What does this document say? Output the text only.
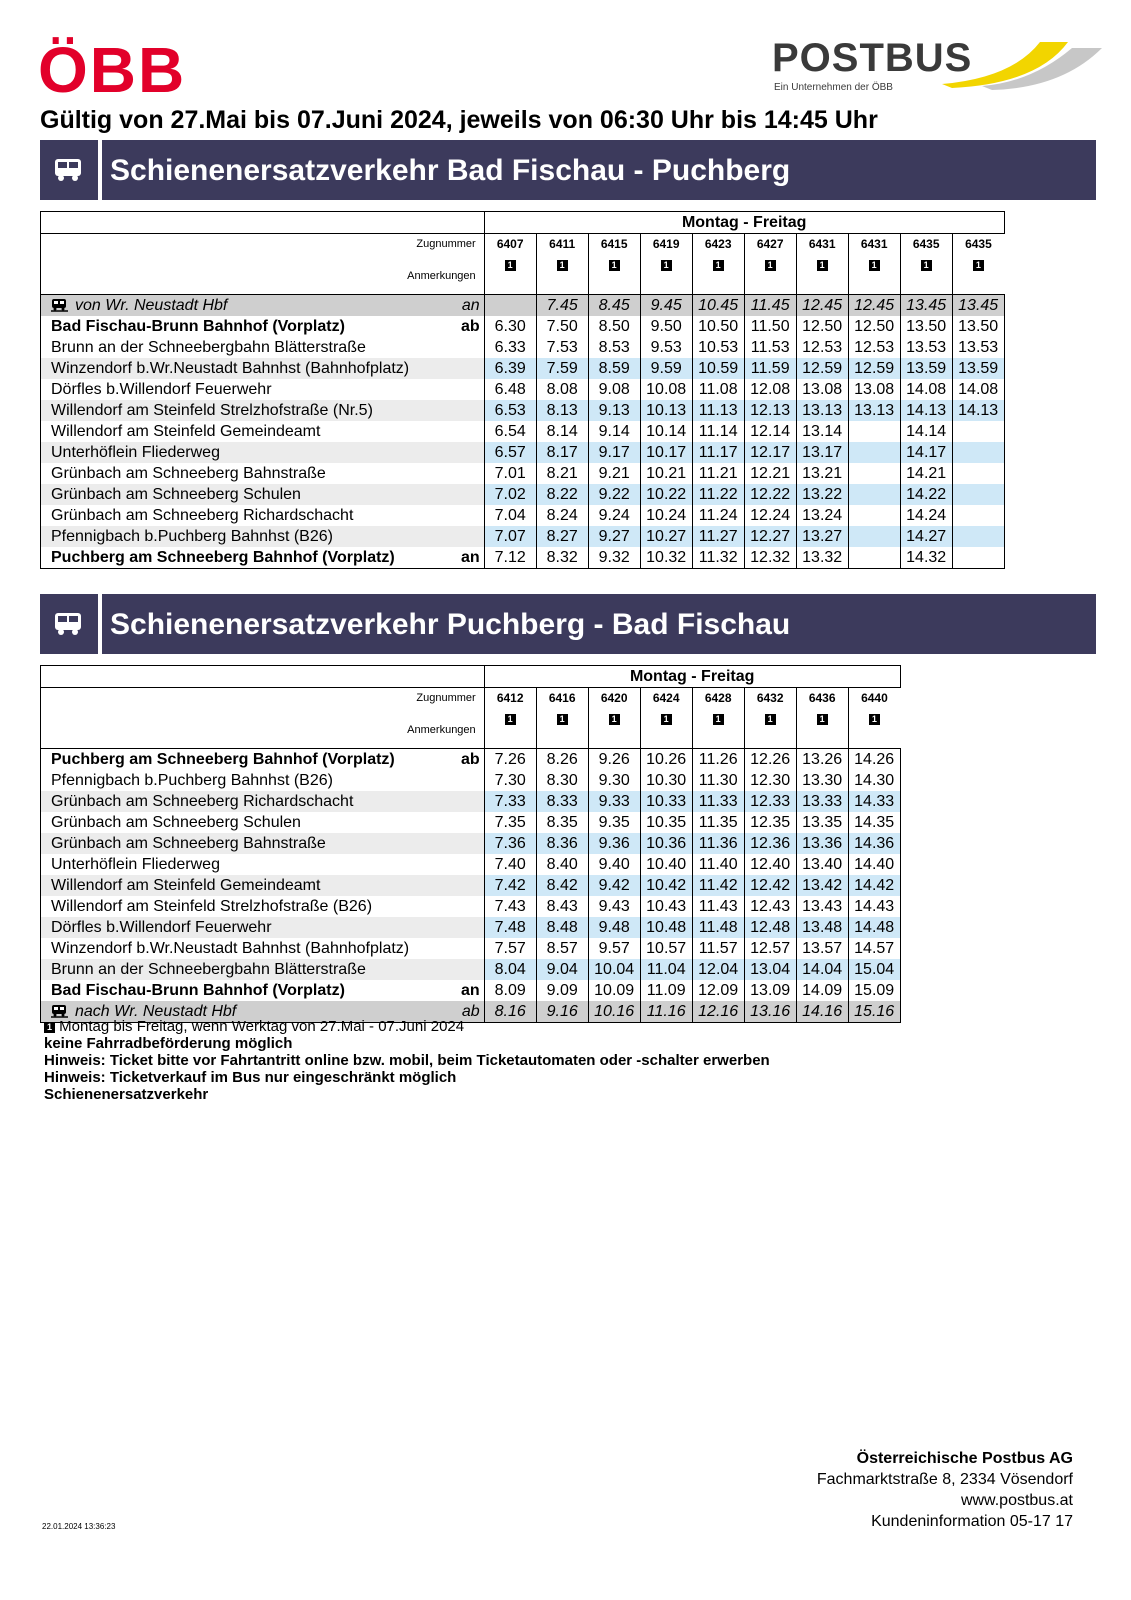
ÖBB	POSTBUS
Ein Unternehmen der ÖBB
Gültig von 27.Mai bis 07.Juni 2024, jeweils von 06:30 Uhr bis 14:45 Uhr
Schienenersatzverkehr Bad Fischau - Puchberg
		Montag - Freitag									
Zugnummer		6407	6411	6415	6419	6423	6427	6431	6431	6435	6435
Anmerkungen		1	1	1	1	1	1	1	1	1	1
von Wr. Neustadt Hbf	an		7.45	8.45	9.45	10.45	11.45	12.45	12.45	13.45	13.45
Bad Fischau-Brunn Bahnhof (Vorplatz)	ab	6.30	7.50	8.50	9.50	10.50	11.50	12.50	12.50	13.50	13.50
Brunn an der Schneebergbahn Blätterstraße		6.33	7.53	8.53	9.53	10.53	11.53	12.53	12.53	13.53	13.53
Winzendorf b.Wr.Neustadt Bahnhst (Bahnhofplatz)		6.39	7.59	8.59	9.59	10.59	11.59	12.59	12.59	13.59	13.59
Dörfles b.Willendorf Feuerwehr		6.48	8.08	9.08	10.08	11.08	12.08	13.08	13.08	14.08	14.08
Willendorf am Steinfeld Strelzhofstraße (Nr.5)		6.53	8.13	9.13	10.13	11.13	12.13	13.13	13.13	14.13	14.13
Willendorf am Steinfeld Gemeindeamt		6.54	8.14	9.14	10.14	11.14	12.14	13.14		14.14	
Unterhöflein Fliederweg		6.57	8.17	9.17	10.17	11.17	12.17	13.17		14.17	
Grünbach am Schneeberg Bahnstraße		7.01	8.21	9.21	10.21	11.21	12.21	13.21		14.21	
Grünbach am Schneeberg Schulen		7.02	8.22	9.22	10.22	11.22	12.22	13.22		14.22	
Grünbach am Schneeberg Richardschacht		7.04	8.24	9.24	10.24	11.24	12.24	13.24		14.24	
Pfennigbach b.Puchberg Bahnhst (B26)		7.07	8.27	9.27	10.27	11.27	12.27	13.27		14.27	
Puchberg am Schneeberg Bahnhof (Vorplatz)	an	7.12	8.32	9.32	10.32	11.32	12.32	13.32		14.32	
Schienenersatzverkehr Puchberg - Bad Fischau
		Montag - Freitag							
Zugnummer		6412	6416	6420	6424	6428	6432	6436	6440
Anmerkungen		1	1	1	1	1	1	1	1
Puchberg am Schneeberg Bahnhof (Vorplatz)	ab	7.26	8.26	9.26	10.26	11.26	12.26	13.26	14.26
Pfennigbach b.Puchberg Bahnhst (B26)		7.30	8.30	9.30	10.30	11.30	12.30	13.30	14.30
Grünbach am Schneeberg Richardschacht		7.33	8.33	9.33	10.33	11.33	12.33	13.33	14.33
Grünbach am Schneeberg Schulen		7.35	8.35	9.35	10.35	11.35	12.35	13.35	14.35
Grünbach am Schneeberg Bahnstraße		7.36	8.36	9.36	10.36	11.36	12.36	13.36	14.36
Unterhöflein Fliederweg		7.40	8.40	9.40	10.40	11.40	12.40	13.40	14.40
Willendorf am Steinfeld Gemeindeamt		7.42	8.42	9.42	10.42	11.42	12.42	13.42	14.42
Willendorf am Steinfeld Strelzhofstraße (B26)		7.43	8.43	9.43	10.43	11.43	12.43	13.43	14.43
Dörfles b.Willendorf Feuerwehr		7.48	8.48	9.48	10.48	11.48	12.48	13.48	14.48
Winzendorf b.Wr.Neustadt Bahnhst (Bahnhofplatz)		7.57	8.57	9.57	10.57	11.57	12.57	13.57	14.57
Brunn an der Schneebergbahn Blätterstraße		8.04	9.04	10.04	11.04	12.04	13.04	14.04	15.04
Bad Fischau-Brunn Bahnhof (Vorplatz)	an	8.09	9.09	10.09	11.09	12.09	13.09	14.09	15.09
nach Wr. Neustadt Hbf	ab	8.16	9.16	10.16	11.16	12.16	13.16	14.16	15.16
1 Montag bis Freitag, wenn Werktag von 27.Mai - 07.Juni 2024
keine Fahrradbeförderung möglich
Hinweis: Ticket bitte vor Fahrtantritt online bzw. mobil, beim Ticketautomaten oder -schalter erwerben
Hinweis: Ticketverkauf im Bus nur eingeschränkt möglich
Schienenersatzverkehr
Österreichische Postbus AG
Fachmarktstraße 8, 2334 Vösendorf
www.postbus.at
Kundeninformation 05-17 17
22.01.2024 13:36:23
